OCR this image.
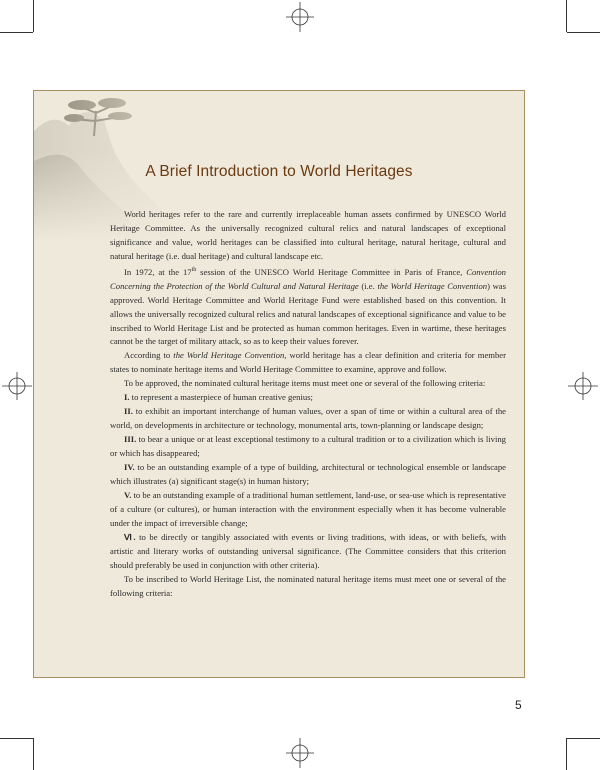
A Brief Introduction to World Heritages

World heritages refer to the rare and currently irreplaceable human assets confirmed by UNESCO World Heritage Committee. As the universally recognized cultural relics and natural landscapes of exceptional significance and value, world heritages can be classified into cultural heritage, natural heritage, cultural and natural heritage (i.e. dual heritage) and cultural landscape etc.

In 1972, at the 17th session of the UNESCO World Heritage Committee in Paris of France, Convention Concerning the Protection of the World Cultural and Natural Heritage (i.e. the World Heritage Convention) was approved. World Heritage Committee and World Heritage Fund were established based on this convention. It allows the universally recognized cultural relics and natural landscapes of exceptional significance and value to be inscribed to World Heritage List and be protected as human common heritages. Even in wartime, these heritages cannot be the target of military attack, so as to keep their values forever.

According to the World Heritage Convention, world heritage has a clear definition and criteria for member states to nominate heritage items and World Heritage Committee to examine, approve and follow.

To be approved, the nominated cultural heritage items must meet one or several of the following criteria:

I. to represent a masterpiece of human creative genius;

II. to exhibit an important interchange of human values, over a span of time or within a cultural area of the world, on developments in architecture or technology, monumental arts, town-planning or landscape design;

III. to bear a unique or at least exceptional testimony to a cultural tradition or to a civilization which is living or which has disappeared;

IV. to be an outstanding example of a type of building, architectural or technological ensemble or landscape which illustrates (a) significant stage(s) in human history;

V. to be an outstanding example of a traditional human settlement, land-use, or sea-use which is representative of a culture (or cultures), or human interaction with the environment especially when it has become vulnerable under the impact of irreversible change;

Ⅵ. to be directly or tangibly associated with events or living traditions, with ideas, or with beliefs, with artistic and literary works of outstanding universal significance. (The Committee considers that this criterion should preferably be used in conjunction with other criteria).

To be inscribed to World Heritage List, the nominated natural heritage items must meet one or several of the following criteria:

5
